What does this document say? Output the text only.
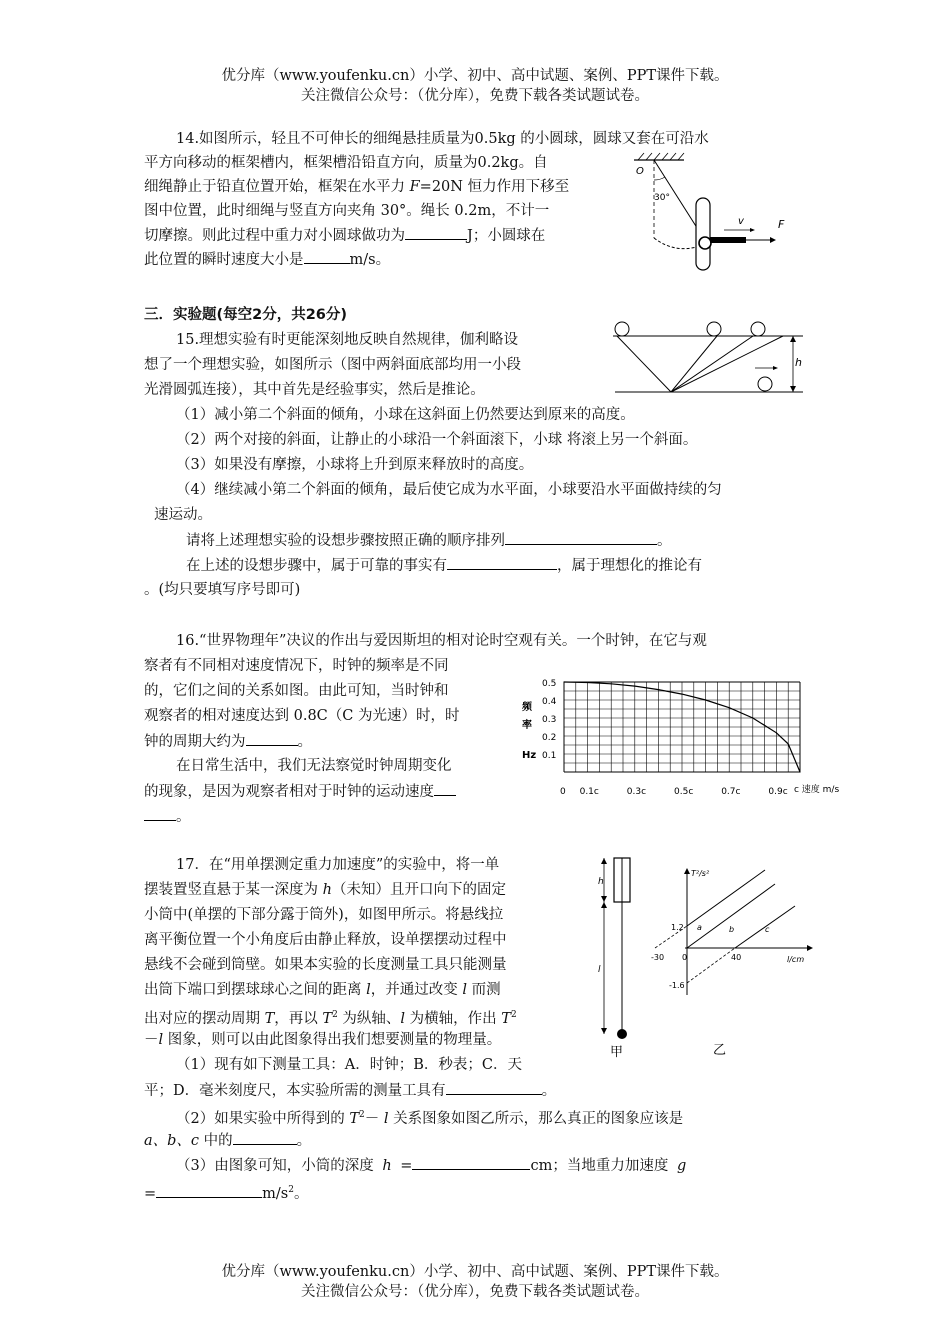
优分库（www.youfenku.cn）小学、初中、高中试题、案例、PPT课件下载。
关注微信公众号：（优分库），免费下载各类试题试卷。
14.如图所示，轻且不可伸长的细绳悬挂质量为0.5kg 的小圆球，圆球又套在可沿水
平方向移动的框架槽内，框架槽沿铅直方向，质量为0.2kg。自
细绳静止于铅直位置开始，框架在水平力 F=20N 恒力作用下移至
图中位置，此时细绳与竖直方向夹角 30°。绳长 0.2m，不计一
切摩擦。则此过程中重力对小圆球做功为	J；小圆球在
此位置的瞬时速度大小是	m/s。
O
30°
F
v
三．实验题(每空2分，共26分)
15.理想实验有时更能深刻地反映自然规律，伽利略设
想了一个理想实验，如图所示（图中两斜面底部均用一小段
光滑圆弧连接），其中首先是经验事实，然后是推论。
（1）减小第二个斜面的倾角，小球在这斜面上仍然要达到原来的高度。
（2）两个对接的斜面，让静止的小球沿一个斜面滚下，小球 将滚上另一个斜面。
（3）如果没有摩擦，小球将上升到原来释放时的高度。
（4）继续减小第二个斜面的倾角，最后使它成为水平面，小球要沿水平面做持续的匀
速运动。
请将上述理想实验的设想步骤按照正确的顺序排列	。
在上述的设想步骤中，属于可靠的事实有	，属于理想化的推论有
。(均只要填写序号即可)
h
16.“世界物理年”决议的作出与爱因斯坦的相对论时空观有关。一个时钟，在它与观
察者有不同相对速度情况下，时钟的频率是不同
的，它们之间的关系如图。由此可知，当时钟和
观察者的相对速度达到 0.8C（C 为光速）时，时
钟的周期大约为	。
在日常生活中，我们无法察觉时钟周期变化
的现象，是因为观察者相对于时钟的运动速度
。
0.5
0.4
0.3
0.2
0.1
频
率
Hz
0 0.1c	0.3c	0.5c	0.7c	0.9c c 速度 m/s
17．在“用单摆测定重力加速度”的实验中，将一单
摆装置竖直悬于某一深度为 h（未知）且开口向下的固定
小筒中(单摆的下部分露于筒外)，如图甲所示。将悬线拉
离平衡位置一个小角度后由静止释放，设单摆摆动过程中
悬线不会碰到筒壁。如果本实验的长度测量工具只能测量
出筒下端口到摆球球心之间的距离 l，并通过改变 l 而测
出对应的摆动周期 T，再以 $T^2$ 为纵轴、l 为横轴，作出 $T^2$
－l 图象，则可以由此图象得出我们想要测量的物理量。
（1）现有如下测量工具：A．时钟；B．秒表；C．天
平；D．毫米刻度尺，本实验所需的测量工具有	。
（2）如果实验中所得到的 $T^2- l$ 关系图象如图乙所示，那么真正的图象应该是
a、b、c 中的	。
（3）由图象可知，小筒的深度 h =	cm；当地重力加速度 g
=	$m/s^2$。
h
l
甲
T²/s²
l/cm
1.2
-1.6
-30 0	40
a	b	c
乙
优分库（www.youfenku.cn）小学、初中、高中试题、案例、PPT课件下载。
关注微信公众号：（优分库），免费下载各类试题试卷。
